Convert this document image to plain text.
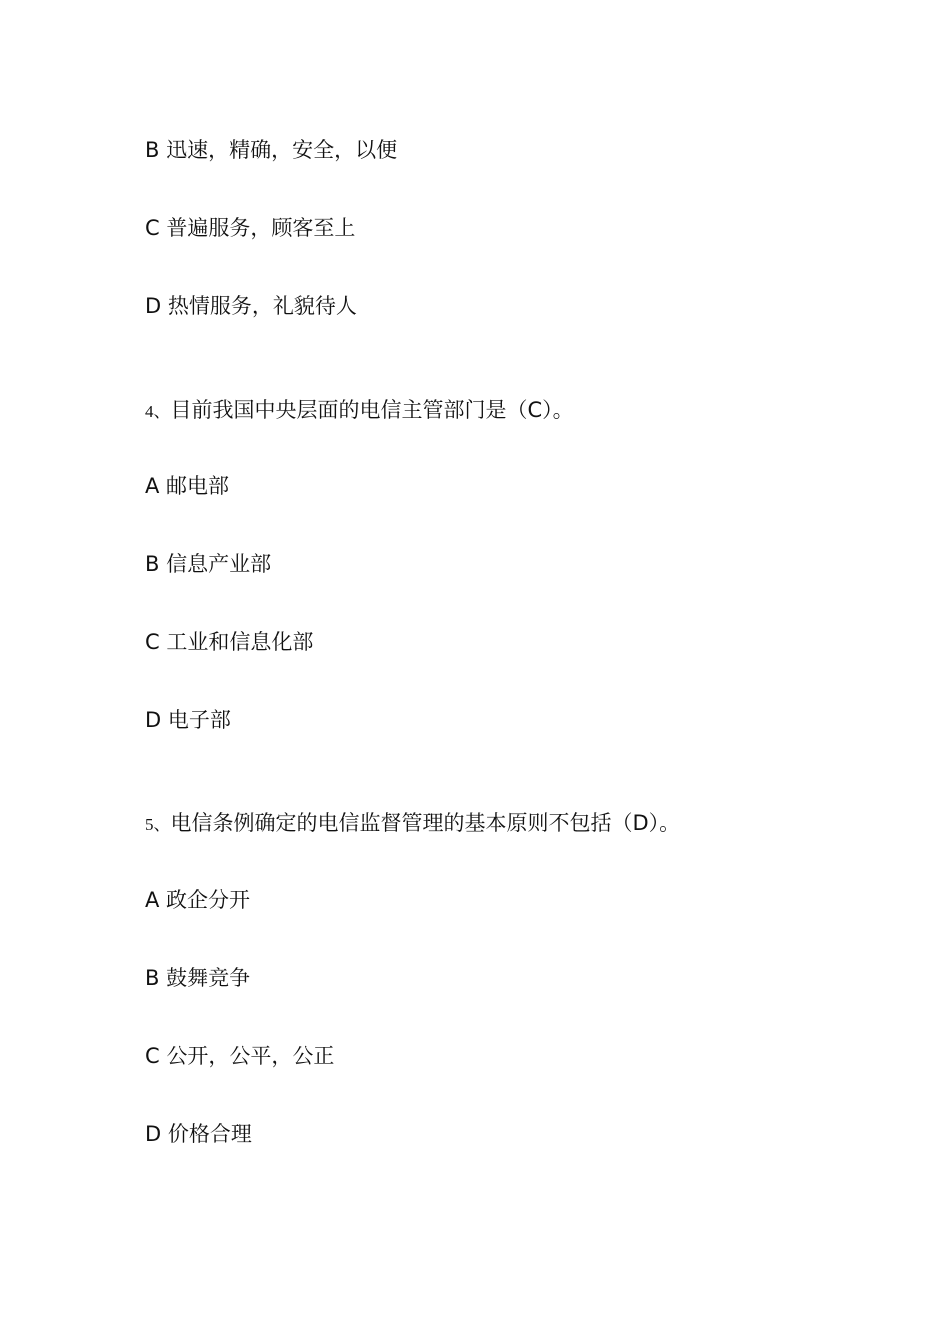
B 迅速，精确，安全，以便
C 普遍服务，顾客至上
D 热情服务，礼貌待人
4、目前我国中央层面的电信主管部门是（C）。
A 邮电部
B 信息产业部
C 工业和信息化部
D 电子部
5、电信条例确定的电信监督管理的基本原则不包括（D）。
A 政企分开
B 鼓舞竞争
C 公开，公平，公正
D 价格合理
